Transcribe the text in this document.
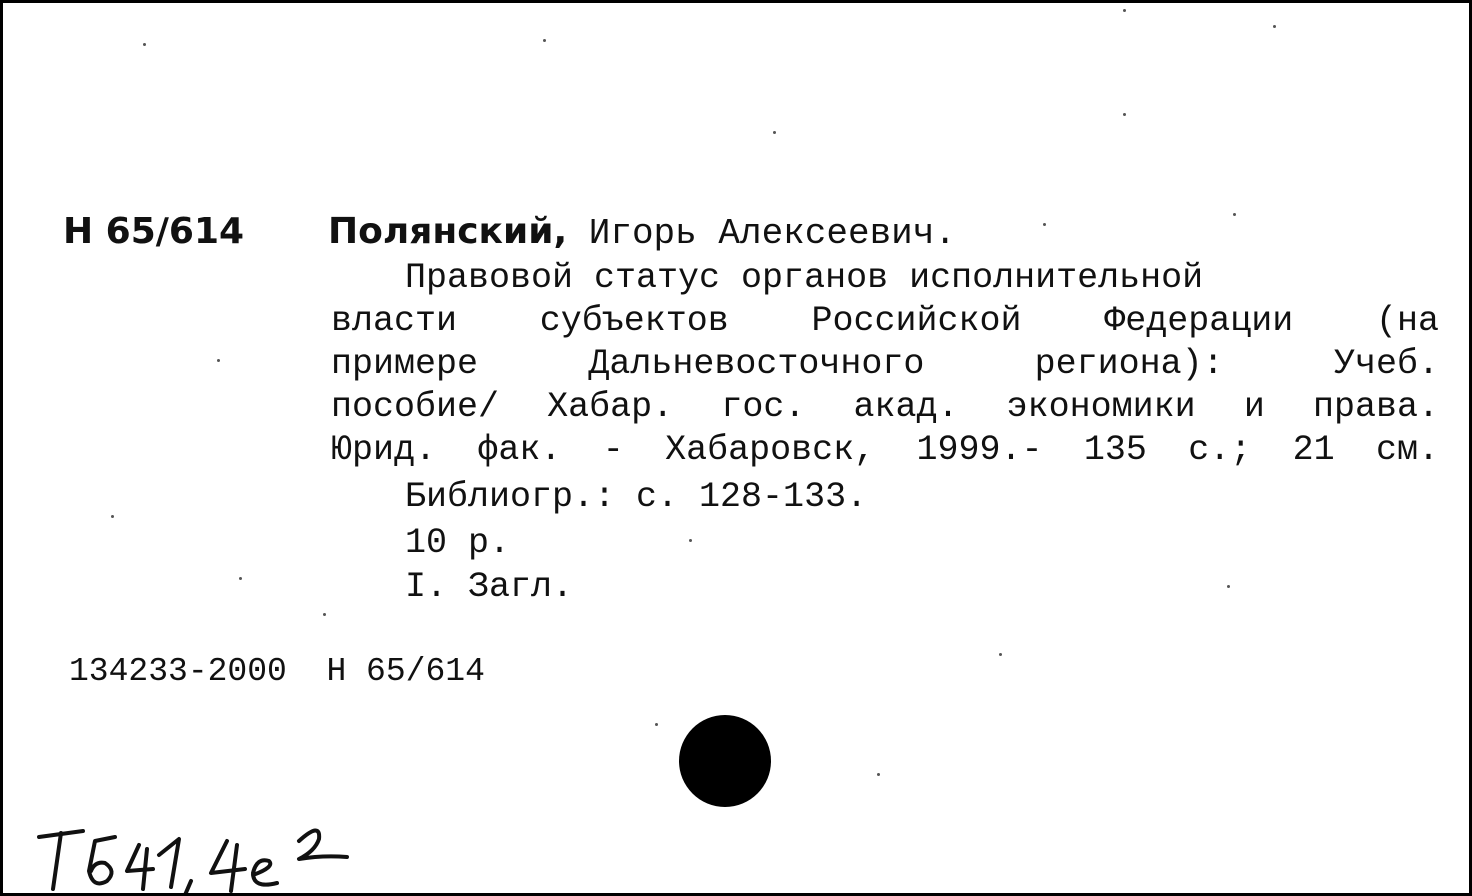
Н 65/614 Полянский, Игорь Алексеевич.
Правовой статус органов исполнительной
власти субъектов Российской Федерации (на
примере Дальневосточного региона): Учеб.
пособие/ Хабар. гос. акад. экономики и права.
Юрид. фак. - Хабаровск, 1999.- 135 с.; 21 см.
Библиогр.: с. 128-133.
10 р.
I. Загл.
134233-2000  Н 65/614
